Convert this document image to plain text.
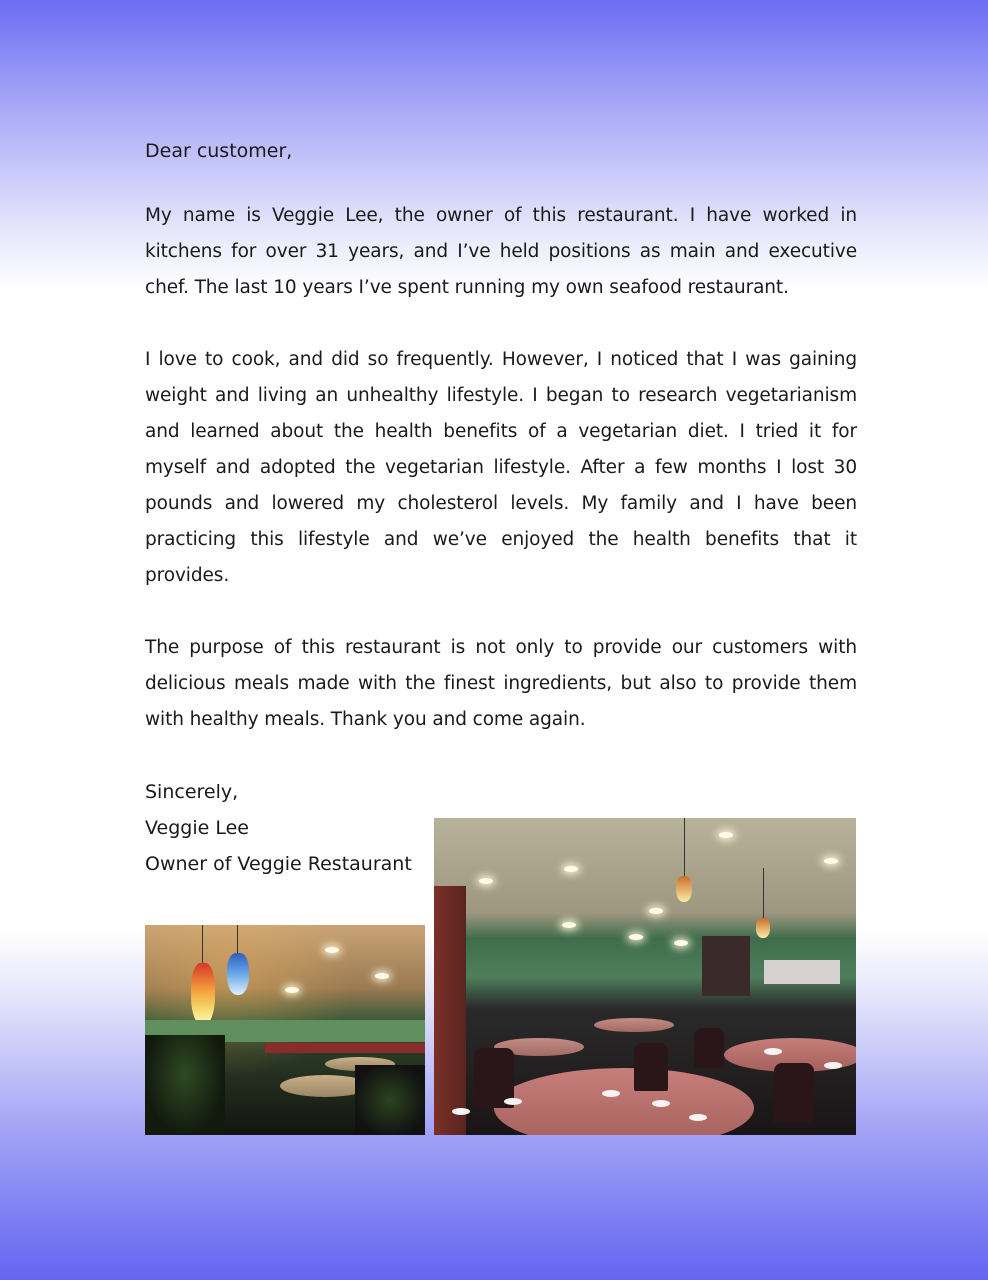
Dear customer,

My name is Veggie Lee, the owner of this restaurant. I have worked in kitchens for over 31 years, and I’ve held positions as main and executive chef. The last 10 years I’ve spent running my own seafood restaurant.

I love to cook, and did so frequently. However, I noticed that I was gaining weight and living an unhealthy lifestyle. I began to research vegetarianism and learned about the health benefits of a vegetarian diet. I tried it for myself and adopted the vegetarian lifestyle. After a few months I lost 30 pounds and lowered my cholesterol levels. My family and I have been practicing this lifestyle and we’ve enjoyed the health benefits that it provides.

The purpose of this restaurant is not only to provide our customers with delicious meals made with the finest ingredients, but also to provide them with healthy meals. Thank you and come again.

Sincerely,

Veggie Lee

Owner of Veggie Restaurant
